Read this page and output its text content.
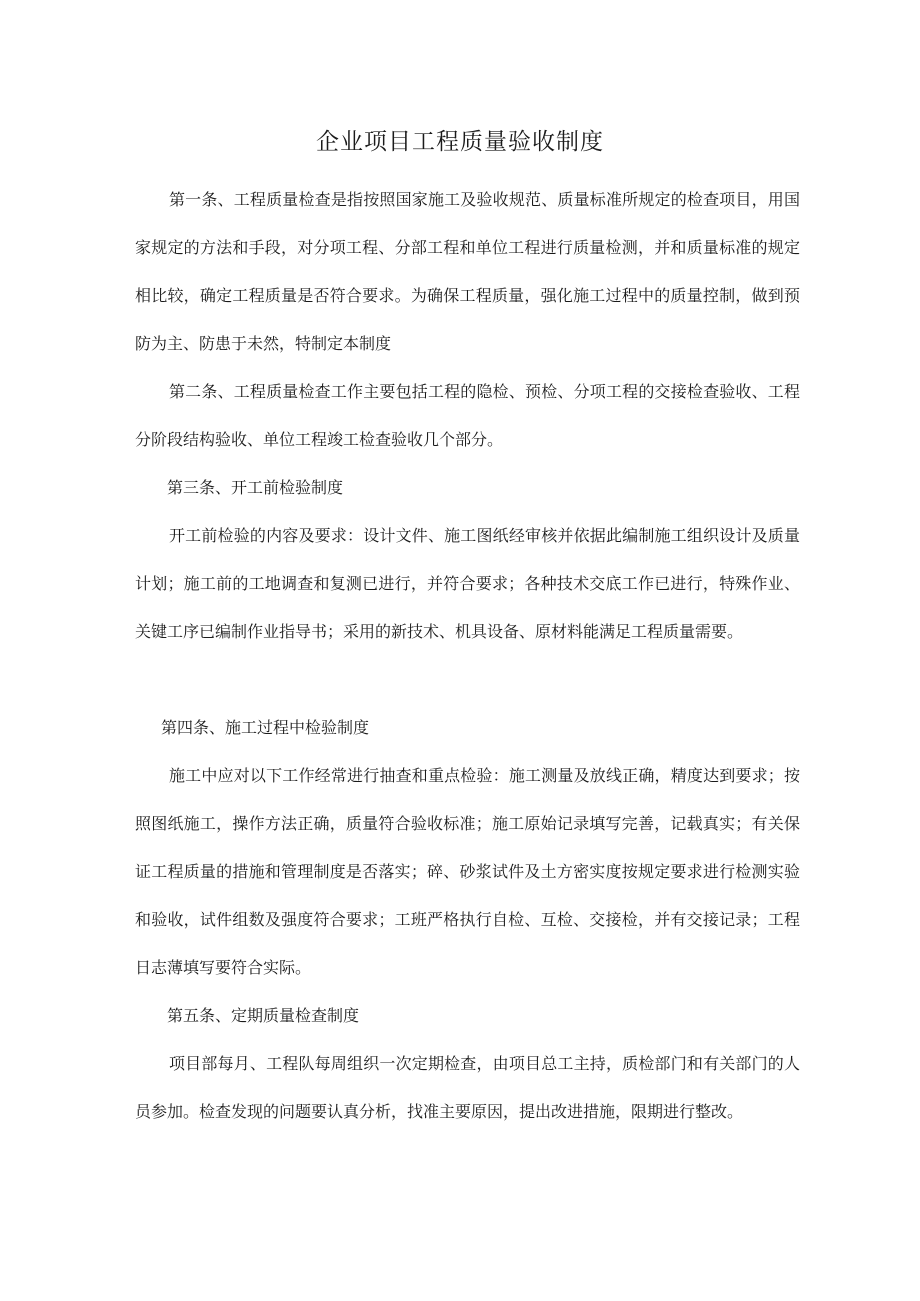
企业项目工程质量验收制度

第一条、工程质量检查是指按照国家施工及验收规范、质量标准所规定的检查项目，用国家规定的方法和手段，对分项工程、分部工程和单位工程进行质量检测，并和质量标准的规定相比较，确定工程质量是否符合要求。为确保工程质量，强化施工过程中的质量控制，做到预防为主、防患于未然，特制定本制度

第二条、工程质量检查工作主要包括工程的隐检、预检、分项工程的交接检查验收、工程分阶段结构验收、单位工程竣工检查验收几个部分。

第三条、开工前检验制度

开工前检验的内容及要求：设计文件、施工图纸经审核并依据此编制施工组织设计及质量计划；施工前的工地调查和复测已进行，并符合要求；各种技术交底工作已进行，特殊作业、关键工序已编制作业指导书；采用的新技术、机具设备、原材料能满足工程质量需要。

第四条、施工过程中检验制度

施工中应对以下工作经常进行抽查和重点检验：施工测量及放线正确，精度达到要求；按照图纸施工，操作方法正确，质量符合验收标准；施工原始记录填写完善，记载真实；有关保证工程质量的措施和管理制度是否落实；碎、砂浆试件及土方密实度按规定要求进行检测实验和验收，试件组数及强度符合要求；工班严格执行自检、互检、交接检，并有交接记录；工程日志薄填写要符合实际。

第五条、定期质量检查制度

项目部每月、工程队每周组织一次定期检查，由项目总工主持，质检部门和有关部门的人员参加。检查发现的问题要认真分析，找准主要原因，提出改进措施，限期进行整改。
